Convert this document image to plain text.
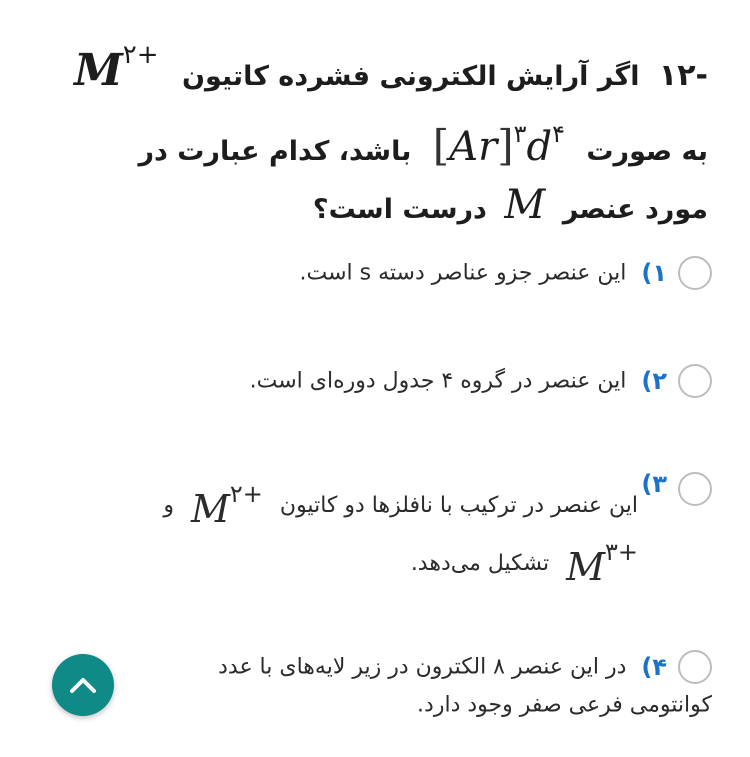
-۱۲ اگر آرایش الکترونی فشرده کاتیون M۲+
به صورت [Ar]۳d۴ باشد، کدام عبارت در
مورد عنصر M درست است؟
۱) این عنصر جزو عناصر دسته s است.
۲) این عنصر در گروه ۴ جدول دوره‌ای است.
۳)
این عنصر در ترکیب با نافلزها دو کاتیون M۲+ و
M۳+ تشکیل می‌دهد.
۴) در این عنصر ۸ الکترون در زیر لایه‌های با عدد
کوانتومی فرعی صفر وجود دارد.
